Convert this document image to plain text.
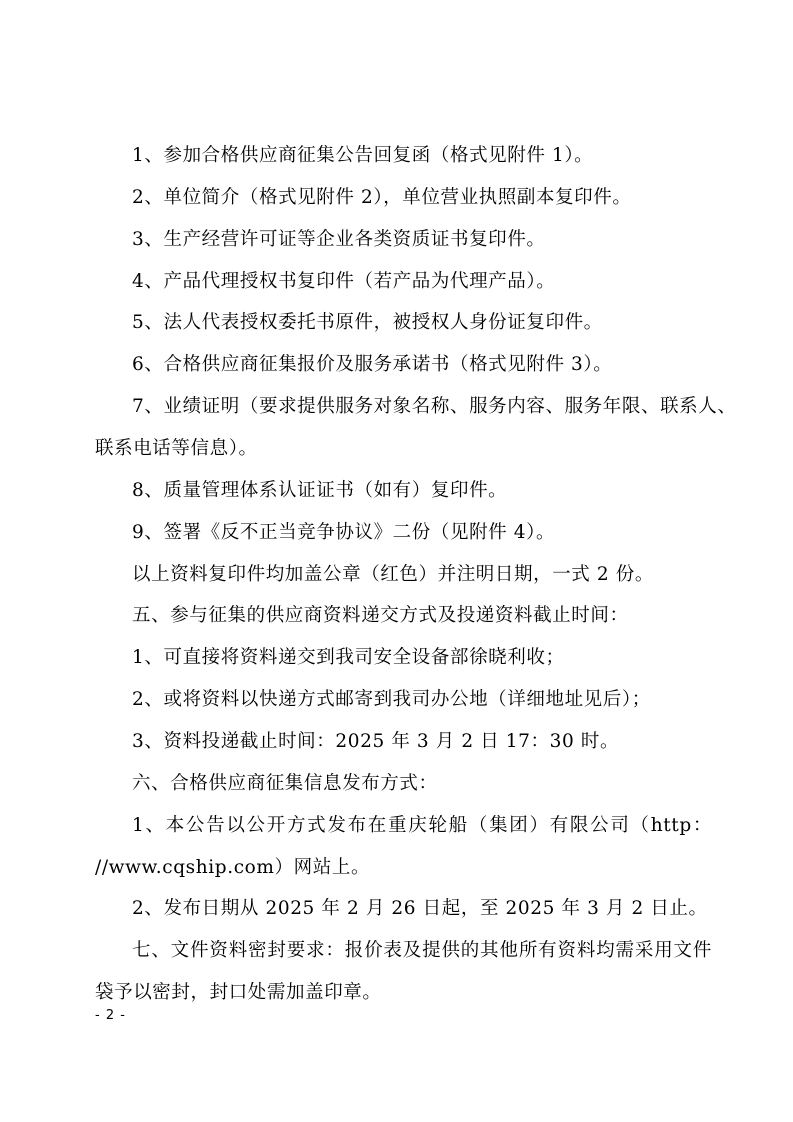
1、参加合格供应商征集公告回复函（格式见附件 1）。
2、单位简介（格式见附件 2），单位营业执照副本复印件。
3、生产经营许可证等企业各类资质证书复印件。
4、产品代理授权书复印件（若产品为代理产品）。
5、法人代表授权委托书原件，被授权人身份证复印件。
6、合格供应商征集报价及服务承诺书（格式见附件 3）。
7、业绩证明（要求提供服务对象名称、服务内容、服务年限、联系人、
联系电话等信息）。
8、质量管理体系认证证书（如有）复印件。
9、签署《反不正当竞争协议》二份（见附件 4）。
以上资料复印件均加盖公章（红色）并注明日期，一式 2 份。
五、参与征集的供应商资料递交方式及投递资料截止时间：
1、可直接将资料递交到我司安全设备部徐晓利收；
2、或将资料以快递方式邮寄到我司办公地（详细地址见后）；
3、资料投递截止时间：2025 年 3 月 2 日 17：30 时。
六、合格供应商征集信息发布方式：
1、本公告以公开方式发布在重庆轮船（集团）有限公司（http：
//www.cqship.com）网站上。
2、发布日期从 2025 年 2 月 26 日起，至 2025 年 3 月 2 日止。
七、文件资料密封要求：报价表及提供的其他所有资料均需采用文件
袋予以密封，封口处需加盖印章。
- 2 -
